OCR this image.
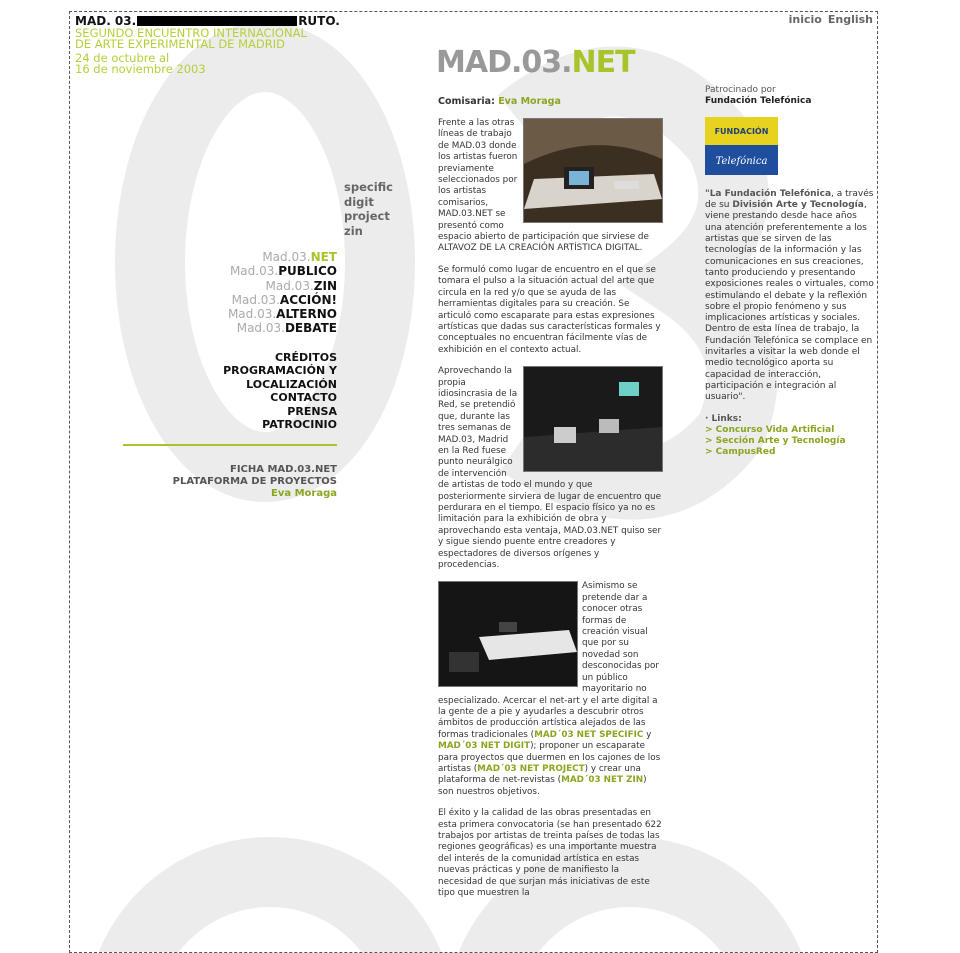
MAD. 03.	RUTO.
SEGUNDO ENCUENTRO INTERNACIONAL
DE ARTE EXPERIMENTAL DE MADRID
24 de octubre al
16 de noviembre 2003
inicio English
specific
digit
project
zin
Mad.03.NET
Mad.03.PUBLICO
Mad.03.ZIN
Mad.03.ACCIÓN!
Mad.03.ALTERNO
Mad.03.DEBATE
CRÉDITOS
PROGRAMACIÓN Y LOCALIZACIÓN
CONTACTO
PRENSA
PATROCINIO
FICHA MAD.03.NET
PLATAFORMA DE PROYECTOS
Eva Moraga
MAD.03.NET
Comisaria: Eva Moraga

Frente a las otras líneas de trabajo de MAD.03 donde los artistas fueron previamente seleccionados por los artistas comisarios, MAD.03.NET se presentó como espacio abierto de participación que sirviese de ALTAVOZ DE LA CREACIÓN ARTÍSTICA DIGITAL.

Se formuló como lugar de encuentro en el que se tomara el pulso a la situación actual del arte que circula en la red y/o que se ayuda de las herramientas digitales para su creación. Se articuló como escaparate para estas expresiones artísticas que dadas sus características formales y conceptuales no encuentran fácilmente vías de exhibición en el contexto actual.

Aprovechando la propia idiosincrasia de la Red, se pretendió que, durante las tres semanas de MAD.03, Madrid en la Red fuese punto neurálgico de intervención de artistas de todo el mundo y que posteriormente sirviera de lugar de encuentro que perdurara en el tiempo. El espacio físico ya no es limitación para la exhibición de obra y aprovechando esta ventaja, MAD.03.NET quiso ser y sigue siendo puente entre creadores y espectadores de diversos orígenes y procedencias.

Asimismo se pretende dar a conocer otras formas de creación visual que por su novedad son desconocidas por un público mayoritario no especializado. Acercar el net-art y el arte digital a la gente de a pie y ayudarles a descubrir otros ámbitos de producción artística alejados de las formas tradicionales (MAD´03 NET SPECIFIC y MAD´03 NET DIGIT); proponer un escaparate para proyectos que duermen en los cajones de los artistas (MAD´03 NET PROJECT) y crear una plataforma de net-revistas (MAD´03 NET ZIN) son nuestros objetivos.

El éxito y la calidad de las obras presentadas en esta primera convocatoria (se han presentado 622 trabajos por artistas de treinta países de todas las regiones geográficas) es una importante muestra del interés de la comunidad artística en estas nuevas prácticas y pone de manifiesto la necesidad de que surjan más iniciativas de este tipo que muestren la

Patrocinado por
Fundación Telefónica
FUNDACIÓN
Telefónica
"La Fundación Telefónica, a través de su División Arte y Tecnología, viene prestando desde hace años una atención preferentemente a los artistas que se sirven de las tecnologías de la información y las comunicaciones en sus creaciones, tanto produciendo y presentando exposiciones reales o virtuales, como estimulando el debate y la reflexión sobre el propio fenómeno y sus implicaciones artísticas y sociales. Dentro de esta línea de trabajo, la Fundación Telefónica se complace en invitarles a visitar la web donde el medio tecnológico aporta su capacidad de interacción, participación e integración al usuario".
· Links:
> Concurso Vida Artificial
> Sección Arte y Tecnología
> CampusRed
